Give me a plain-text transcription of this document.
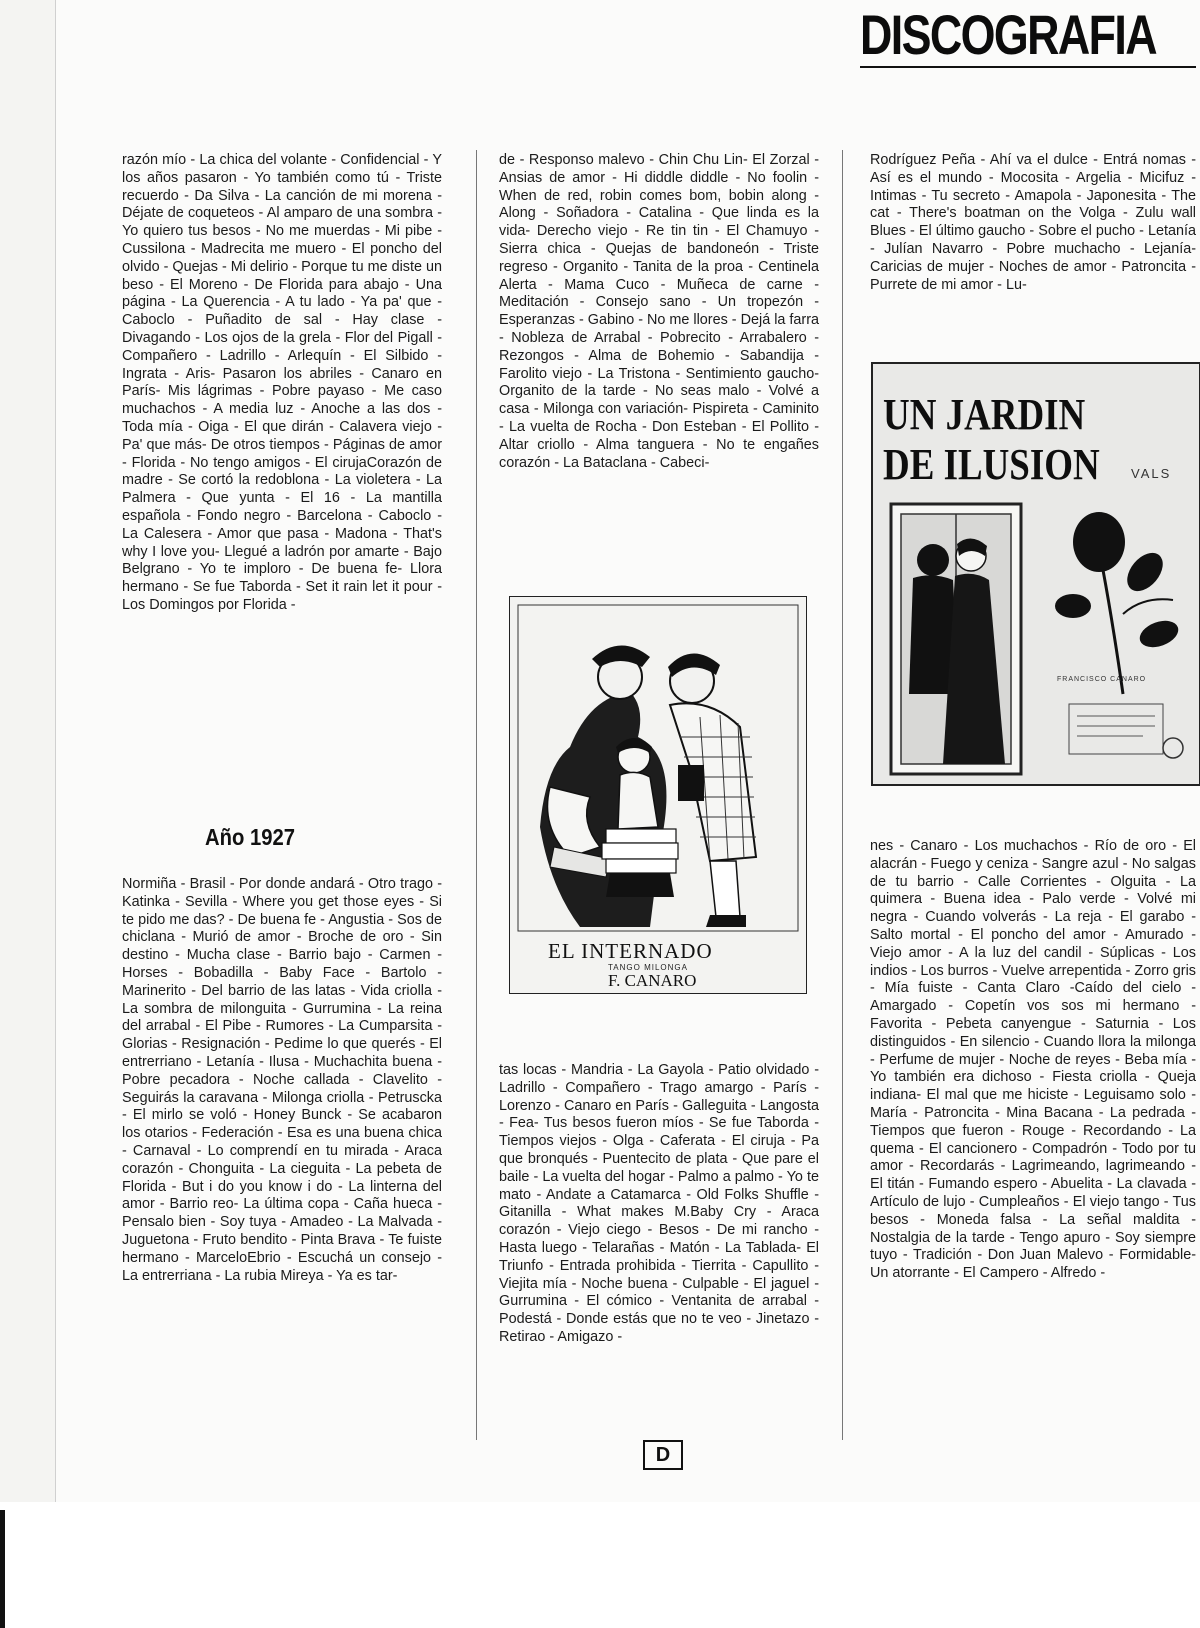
DISCOGRAFIA

razón mío - La chica del volante - Confidencial - Y los años pasaron - Yo también como tú - Triste recuerdo - Da Silva - La canción de mi morena - Déjate de coqueteos - Al amparo de una sombra - Yo quiero tus besos - No me muerdas - Mi pibe - Cussilona - Madrecita me muero - El poncho del olvido - Quejas - Mi delirio - Porque tu me diste un beso - El Moreno - De Florida para abajo - Una página - La Querencia - A tu lado - Ya pa' que - Caboclo - Puñadito de sal - Hay clase - Divagando - Los ojos de la grela - Flor del Pigall - Compañero - Ladrillo - Arlequín - El Silbido - Ingrata - Aris- Pasaron los abriles - Canaro en París- Mis lágrimas - Pobre payaso - Me caso muchachos - A media luz - Anoche a las dos - Toda mía - Oiga - El que dirán - Calavera viejo - Pa' que más- De otros tiempos - Páginas de amor - Florida - No tengo amigos - El cirujaCorazón de madre - Se cortó la redoblona - La violetera - La Palmera - Que yunta - El 16 - La mantilla española - Fondo negro - Barcelona - Caboclo - La Calesera - Amor que pasa - Madona - That's why I love you- Llegué a ladrón por amarte - Bajo Belgrano - Yo te imploro - De buena fe- Llora hermano - Se fue Taborda - Set it rain let it pour - Los Domingos por Florida -

Año 1927

Normiña - Brasil - Por donde andará - Otro trago - Katinka - Sevilla - Where you get those eyes - Si te pido me das? - De buena fe - Angustia - Sos de chiclana - Murió de amor - Broche de oro - Sin destino - Mucha clase - Barrio bajo - Carmen - Horses - Bobadilla - Baby Face - Bartolo - Marinerito - Del barrio de las latas - Vida criolla - La sombra de milonguita - Gurrumina - La reina del arrabal - El Pibe - Rumores - La Cumparsita - Glorias - Resignación - Pedime lo que querés - El entrerriano - Letanía - Ilusa - Muchachita buena - Pobre pecadora - Noche callada - Clavelito - Seguirás la caravana - Milonga criolla - Petruscka - El mirlo se voló - Honey Bunck - Se acabaron los otarios - Federación - Esa es una buena chica - Carnaval - Lo comprendí en tu mirada - Araca corazón - Chonguita - La cieguita - La pebeta de Florida - But i do you know i do - La linterna del amor - Barrio reo- La última copa - Caña hueca - Pensalo bien - Soy tuya - Amadeo - La Malvada - Juguetona - Fruto bendito - Pinta Brava - Te fuiste hermano - MarceloEbrio - Escuchá un consejo - La entrerriana - La rubia Mireya - Ya es tar-

de - Responso malevo - Chin Chu Lin- El Zorzal - Ansias de amor - Hi diddle diddle - No foolin - When de red, robin comes bom, bobin along - Along - Soñadora - Catalina - Que linda es la vida- Derecho viejo - Re tin tin - El Chamuyo - Sierra chica - Quejas de bandoneón - Triste regreso - Organito - Tanita de la proa - Centinela Alerta - Mama Cuco - Muñeca de carne - Meditación - Consejo sano - Un tropezón - Esperanzas - Gabino - No me llores - Dejá la farra - Nobleza de Arrabal - Pobrecito - Arrabalero - Rezongos - Alma de Bohemio - Sabandija - Farolito viejo - La Tristona - Sentimiento gaucho- Organito de la tarde - No seas malo - Volvé a casa - Milonga con variación- Pispireta - Caminito - La vuelta de Rocha - Don Esteban - El Pollito - Altar criollo - Alma tanguera - No te engañes corazón - La Bataclana - Cabeci-

EL INTERNADO

TANGO MILONGA

F. CANARO

tas locas - Mandria - La Gayola - Patio olvidado - Ladrillo - Compañero - Trago amargo - París - Lorenzo - Canaro en París - Galleguita - Langosta - Fea- Tus besos fueron míos - Se fue Taborda - Tiempos viejos - Olga - Caferata - El ciruja - Pa que bronqués - Puentecito de plata - Que pare el baile - La vuelta del hogar - Palmo a palmo - Yo te mato - Andate a Catamarca - Old Folks Shuffle - Gitanilla - What makes M.Baby Cry - Araca corazón - Viejo ciego - Besos - De mi rancho - Hasta luego - Telarañas - Matón - La Tablada- El Triunfo - Entrada prohibida - Tierrita - Capullito - Viejita mía - Noche buena - Culpable - El jaguel - Gurrumina - El cómico - Ventanita de arrabal - Podestá - Donde estás que no te veo - Jinetazo - Retirao - Amigazo -

Rodríguez Peña - Ahí va el dulce - Entrá nomas - Así es el mundo - Mocosita - Argelia - Micifuz - Intimas - Tu secreto - Amapola - Japonesita - The cat - There's boatman on the Volga - Zulu wall Blues - El último gaucho - Sobre el pucho - Letanía - Julían Navarro - Pobre muchacho - Lejanía- Caricias de mujer - Noches de amor - Patroncita - Purrete de mi amor - Lu-

UN JARDIN

DE ILUSION VALS

FRANCISCO CANARO

nes - Canaro - Los muchachos - Río de oro - El alacrán - Fuego y ceniza - Sangre azul - No salgas de tu barrio - Calle Corrientes - Olguita - La quimera - Buena idea - Palo verde - Volvé mi negra - Cuando volverás - La reja - El garabo - Salto mortal - El poncho del amor - Amurado - Viejo amor - A la luz del candil - Súplicas - Los indios - Los burros - Vuelve arrepentida - Zorro gris - Mía fuiste - Canta Claro -Caído del cielo - Amargado - Copetín vos sos mi hermano - Favorita - Pebeta canyengue - Saturnia - Los distinguidos - En silencio - Cuando llora la milonga - Perfume de mujer - Noche de reyes - Beba mía - Yo también era dichoso - Fiesta criolla - Queja indiana- El mal que me hiciste - Leguisamo solo - María - Patroncita - Mina Bacana - La pedrada - Tiempos que fueron - Rouge - Recordando - La quema - El cancionero - Compadrón - Todo por tu amor - Recordarás - Lagrimeando, lagrimeando - El titán - Fumando espero - Abuelita - La clavada - Artículo de lujo - Cumpleaños - El viejo tango - Tus besos - Moneda falsa - La señal maldita - Nostalgia de la tarde - Tengo apuro - Soy siempre tuyo - Tradición - Don Juan Malevo - Formidable- Un atorrante - El Campero - Alfredo -

D
